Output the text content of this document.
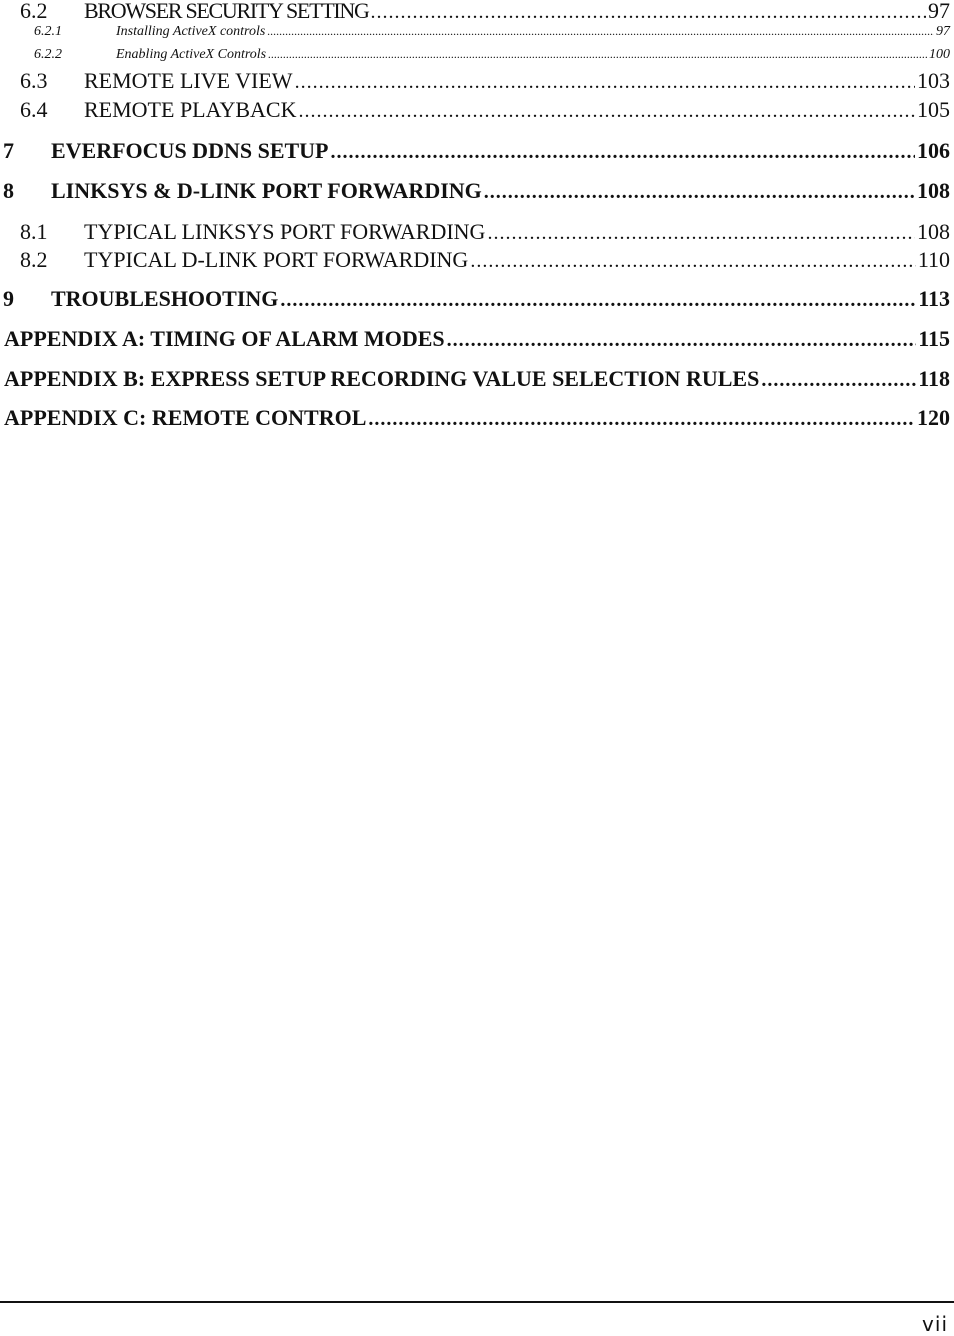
6.2	BROWSER SECURITY SETTING .....	97
6.2.1	Installing ActiveX controls .....	97
6.2.2	Enabling ActiveX Controls .....	100
6.3	REMOTE LIVE VIEW .....	103
6.4	REMOTE PLAYBACK .....	105
7	EVERFOCUS DDNS SETUP .....	106
8	LINKSYS & D-LINK PORT FORWARDING .....	108
8.1	TYPICAL LINKSYS PORT FORWARDING .....	108
8.2	TYPICAL D-LINK PORT FORWARDING .....	110
9	TROUBLESHOOTING .....	113
APPENDIX A: TIMING OF ALARM MODES .....	115
APPENDIX B: EXPRESS SETUP RECORDING VALUE SELECTION RULES .....	118
APPENDIX C: REMOTE CONTROL .....	120
vii
